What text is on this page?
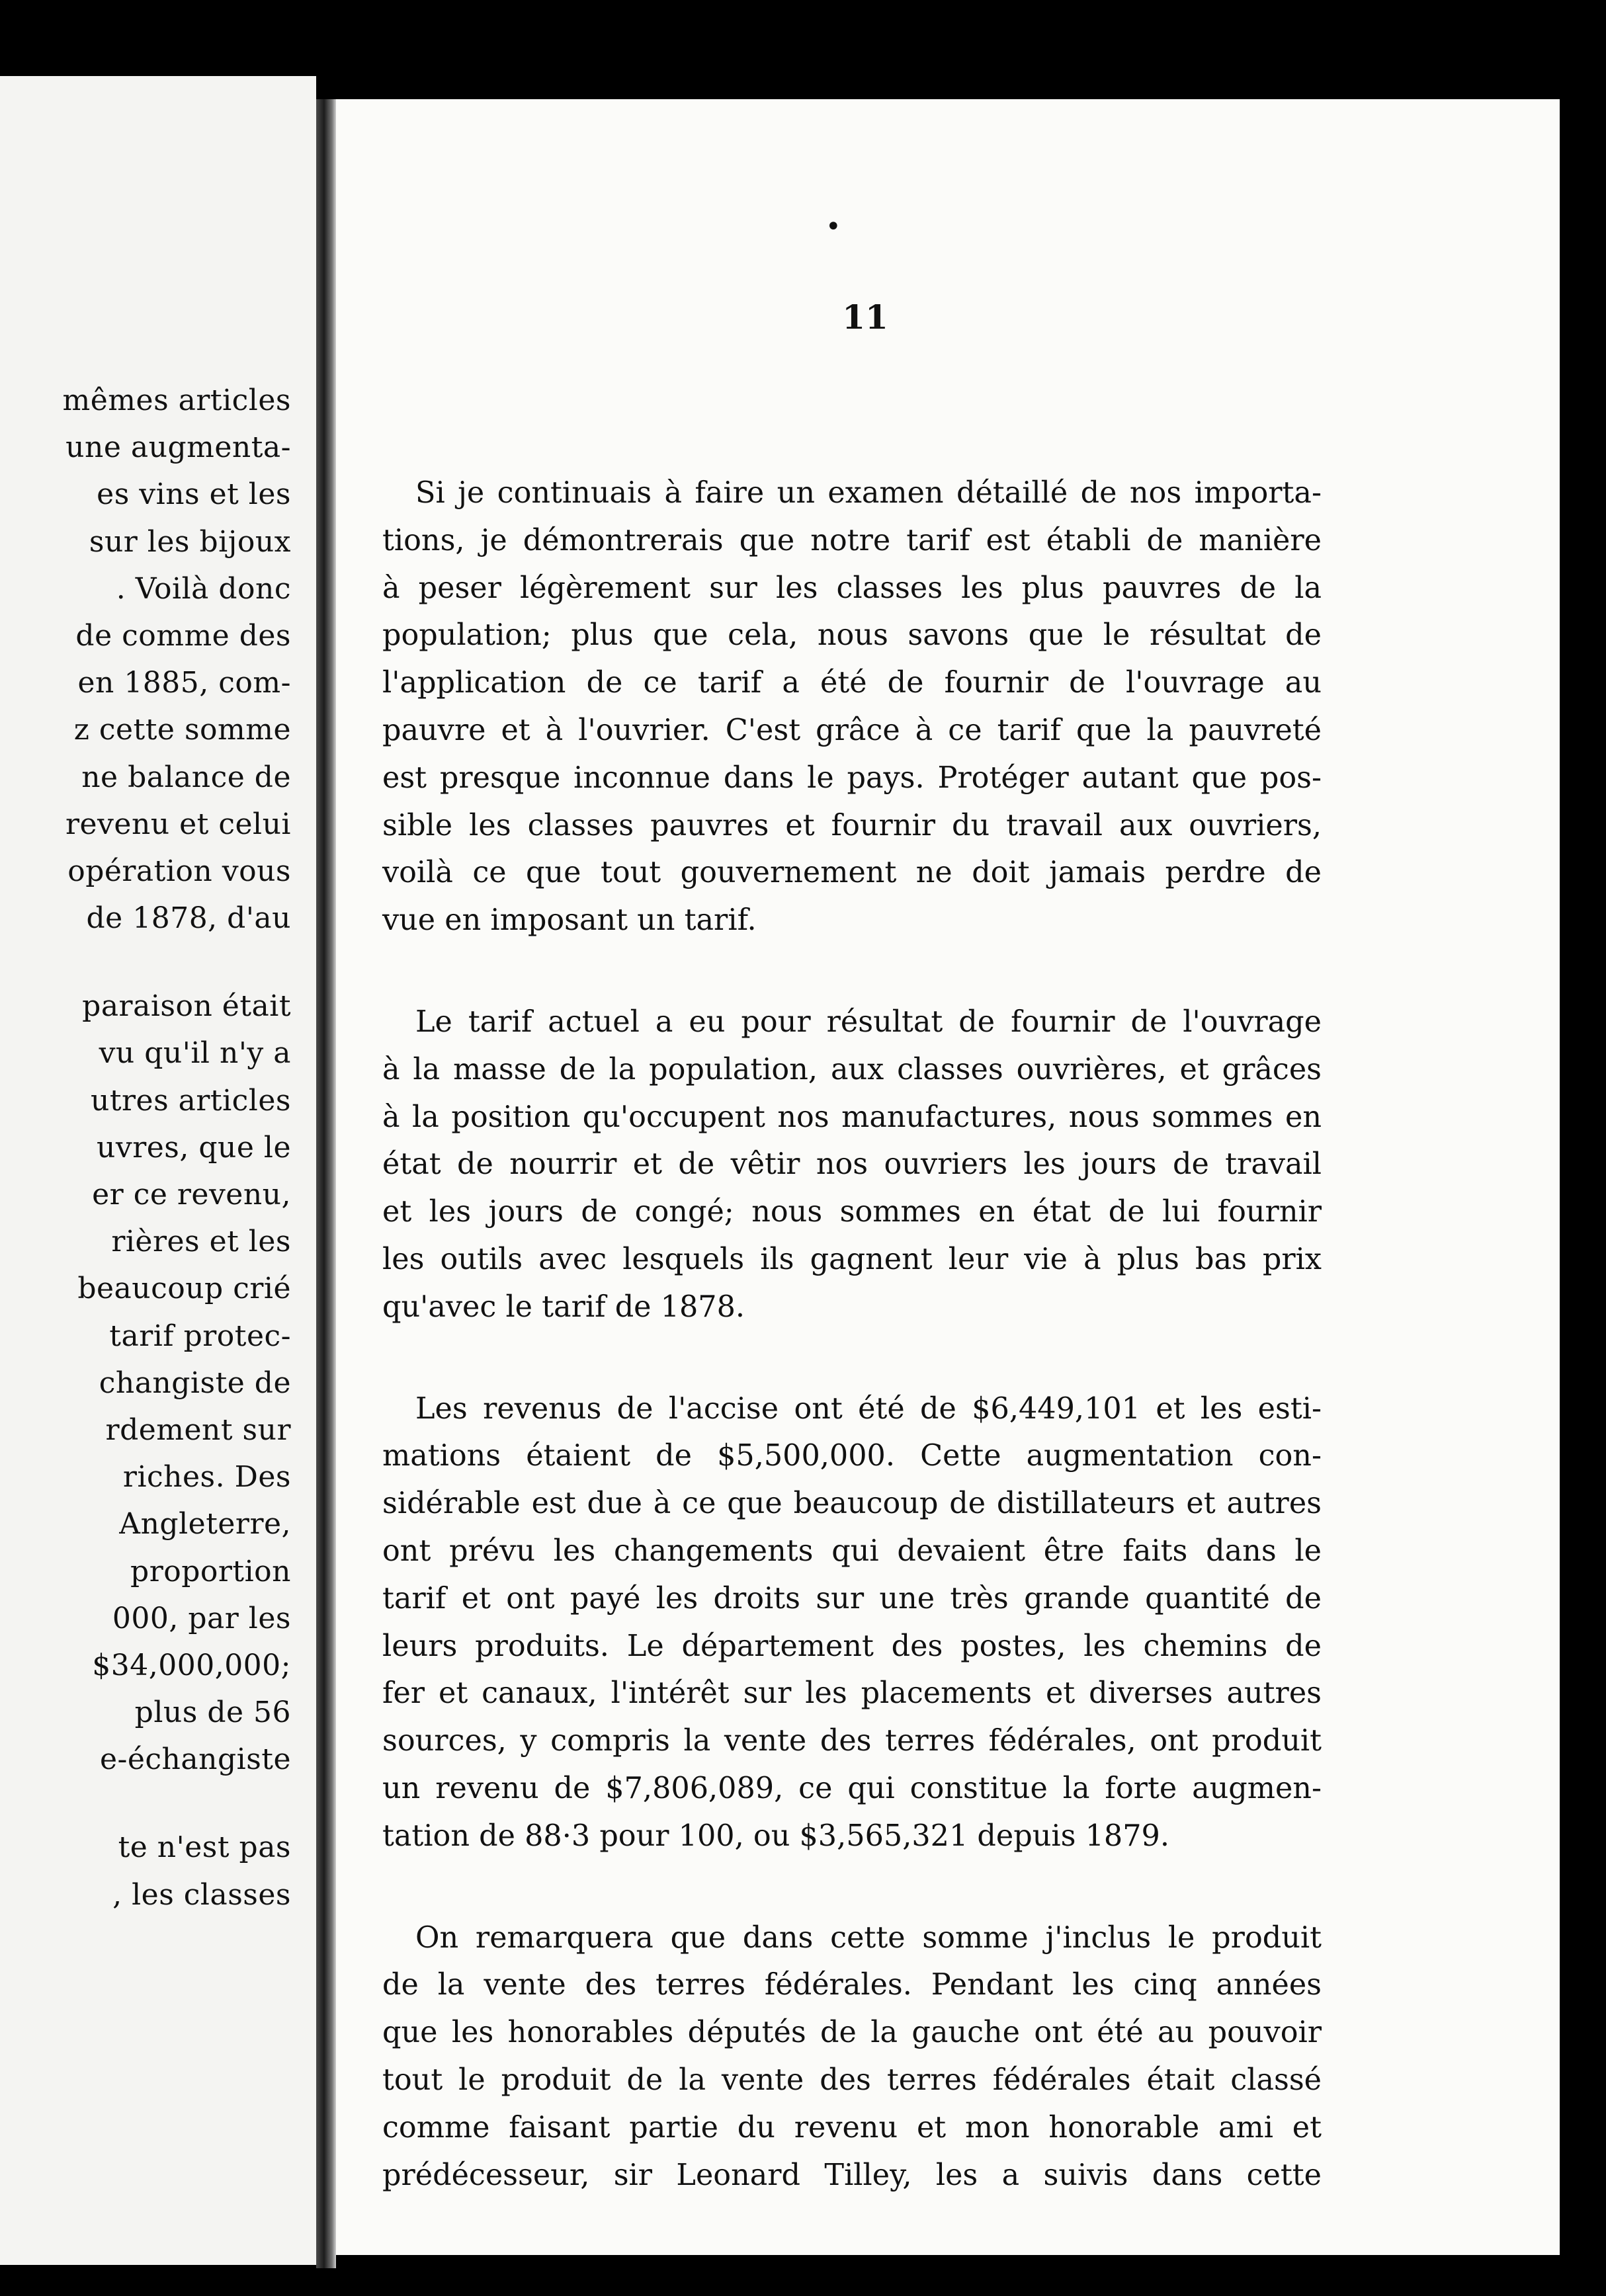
mêmes articles
une augmenta-
es vins et les
sur les bijoux
. Voilà donc
de comme des
en 1885, com-
z cette somme
ne balance de
revenu et celui
opération vous
de 1878, d'au
paraison était
vu qu'il n'y a
utres articles
uvres, que le
er ce revenu,
rières et les
beaucoup crié
tarif protec-
changiste de
rdement sur
riches. Des
Angleterre,
proportion
000, par les
$34,000,000;
plus de 56
e-échangiste
te n'est pas
, les classes
•
11
Si je continuais à faire un examen détaillé de nos importa-
tions, je démontrerais que notre tarif est établi de manière
à peser légèrement sur les classes les plus pauvres de la
population; plus que cela, nous savons que le résultat de
l'application de ce tarif a été de fournir de l'ouvrage au
pauvre et à l'ouvrier. C'est grâce à ce tarif que la pauvreté
est presque inconnue dans le pays. Protéger autant que pos-
sible les classes pauvres et fournir du travail aux ouvriers,
voilà ce que tout gouvernement ne doit jamais perdre de
vue en imposant un tarif.
Le tarif actuel a eu pour résultat de fournir de l'ouvrage
à la masse de la population, aux classes ouvrières, et grâces
à la position qu'occupent nos manufactures, nous sommes en
état de nourrir et de vêtir nos ouvriers les jours de travail
et les jours de congé; nous sommes en état de lui fournir
les outils avec lesquels ils gagnent leur vie à plus bas prix
qu'avec le tarif de 1878.
Les revenus de l'accise ont été de $6,449,101 et les esti-
mations étaient de $5,500,000. Cette augmentation con-
sidérable est due à ce que beaucoup de distillateurs et autres
ont prévu les changements qui devaient être faits dans le
tarif et ont payé les droits sur une très grande quantité de
leurs produits. Le département des postes, les chemins de
fer et canaux, l'intérêt sur les placements et diverses autres
sources, y compris la vente des terres fédérales, ont produit
un revenu de $7,806,089, ce qui constitue la forte augmen-
tation de 88·3 pour 100, ou $3,565,321 depuis 1879.
On remarquera que dans cette somme j'inclus le produit
de la vente des terres fédérales. Pendant les cinq années
que les honorables députés de la gauche ont été au pouvoir
tout le produit de la vente des terres fédérales était classé
comme faisant partie du revenu et mon honorable ami et
prédécesseur, sir Leonard Tilley, les a suivis dans cette
